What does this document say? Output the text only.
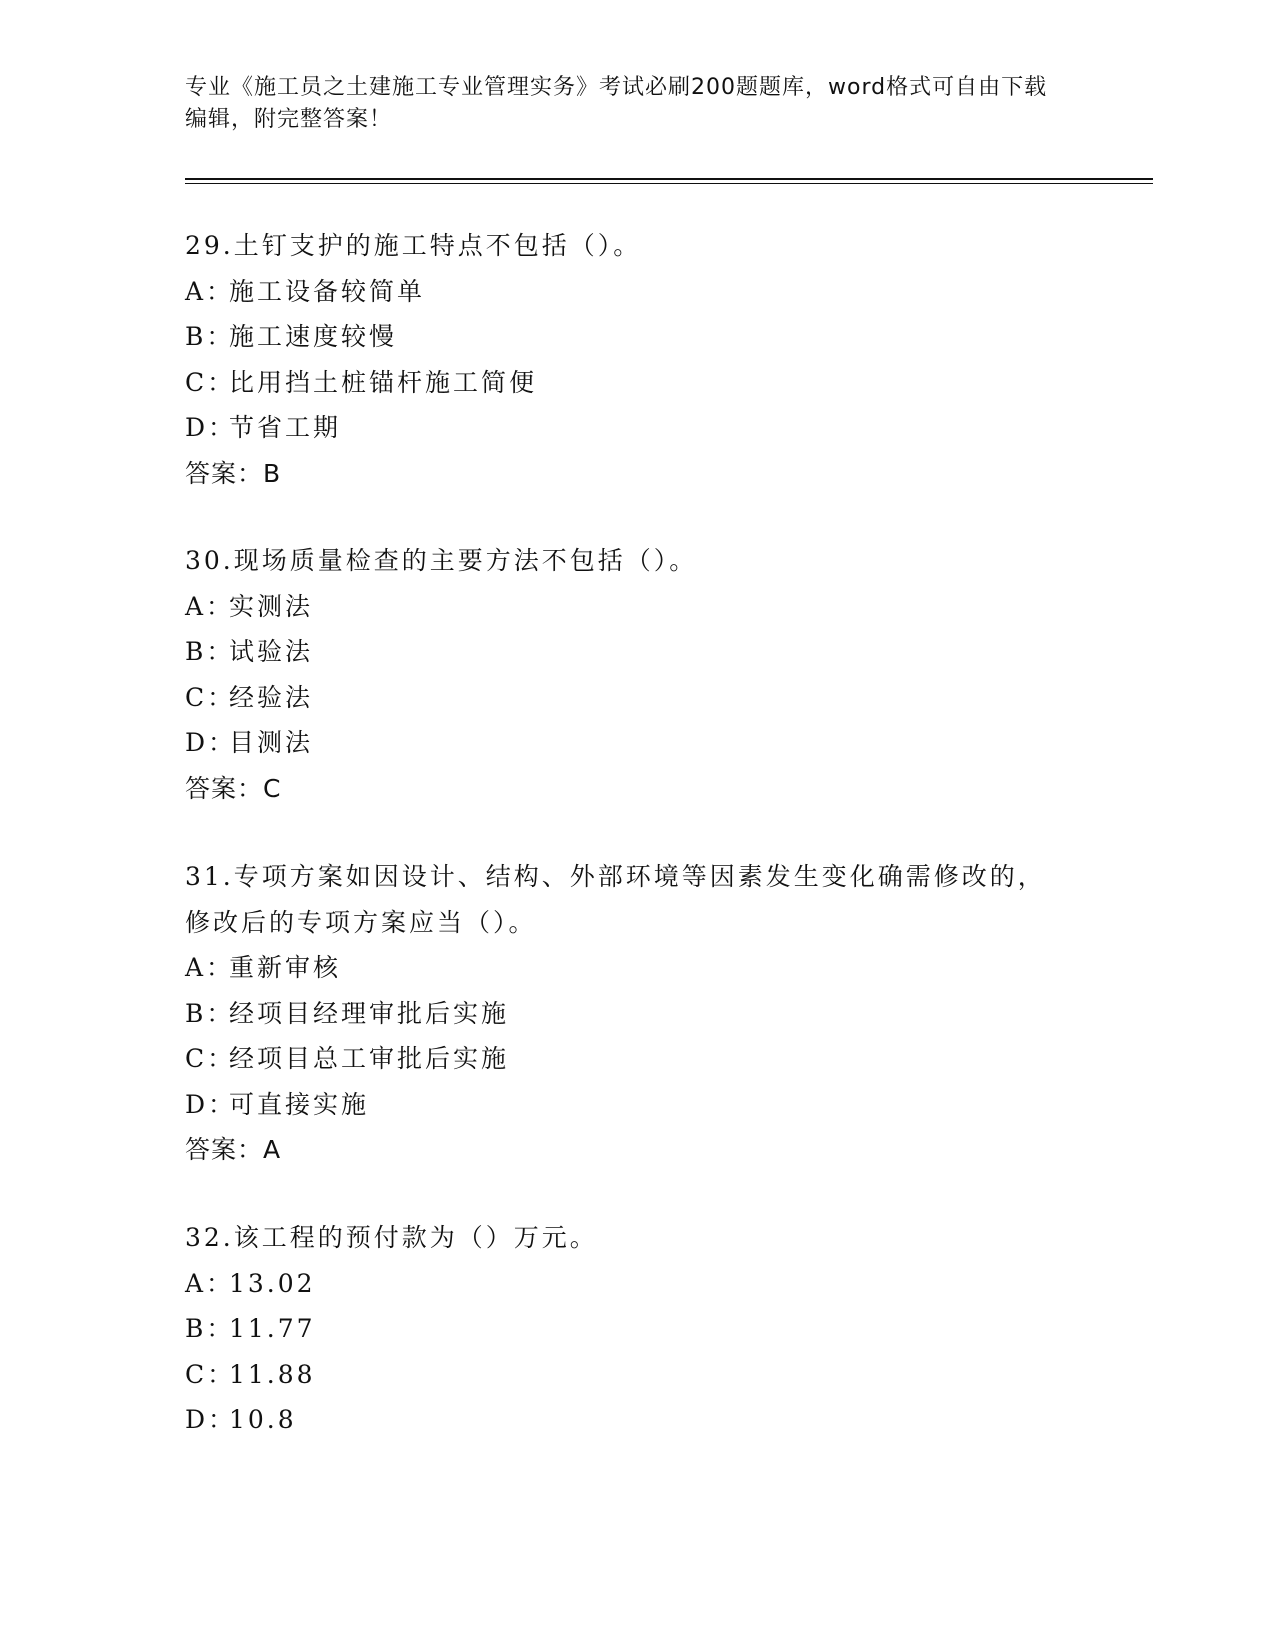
专业《施工员之土建施工专业管理实务》考试必刷200题题库，word格式可自由下载编辑，附完整答案！
29.土钉支护的施工特点不包括（）。
A：施工设备较简单
B：施工速度较慢
C：比用挡土桩锚杆施工简便
D：节省工期
答案：B
30.现场质量检查的主要方法不包括（）。
A：实测法
B：试验法
C：经验法
D：目测法
答案：C
31.专项方案如因设计、结构、外部环境等因素发生变化确需修改的，修改后的专项方案应当（）。
A：重新审核
B：经项目经理审批后实施
C：经项目总工审批后实施
D：可直接实施
答案：A
32.该工程的预付款为（）万元。
A：13.02
B：11.77
C：11.88
D：10.8
